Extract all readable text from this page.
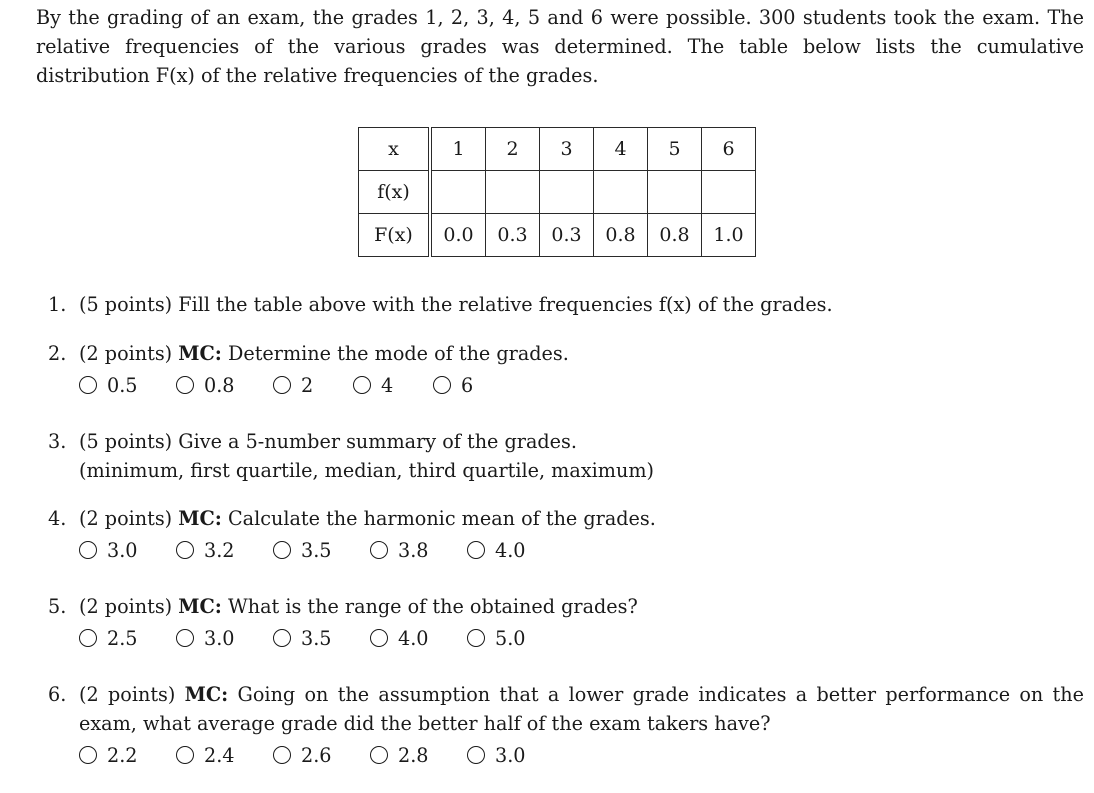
By the grading of an exam, the grades 1, 2, 3, 4, 5 and 6 were possible. 300 students took the exam. The relative frequencies of the various grades was determined. The table below lists the cumulative distribution F(x) of the relative frequencies of the grades.
x	1	2	3	4	5	6
f(x)						
F(x)	0.0	0.3	0.3	0.8	0.8	1.0
1. (5 points) Fill the table above with the relative frequencies f(x) of the grades.
2. (2 points) MC: Determine the mode of the grades.
0.5	0.8	2	4	6
3. (5 points) Give a 5-number summary of the grades.
(minimum, first quartile, median, third quartile, maximum)
4. (2 points) MC: Calculate the harmonic mean of the grades.
3.0	3.2	3.5	3.8	4.0
5. (2 points) MC: What is the range of the obtained grades?
2.5	3.0	3.5	4.0	5.0
6. (2 points) MC: Going on the assumption that a lower grade indicates a better performance on the exam, what average grade did the better half of the exam takers have?
2.2	2.4	2.6	2.8	3.0
